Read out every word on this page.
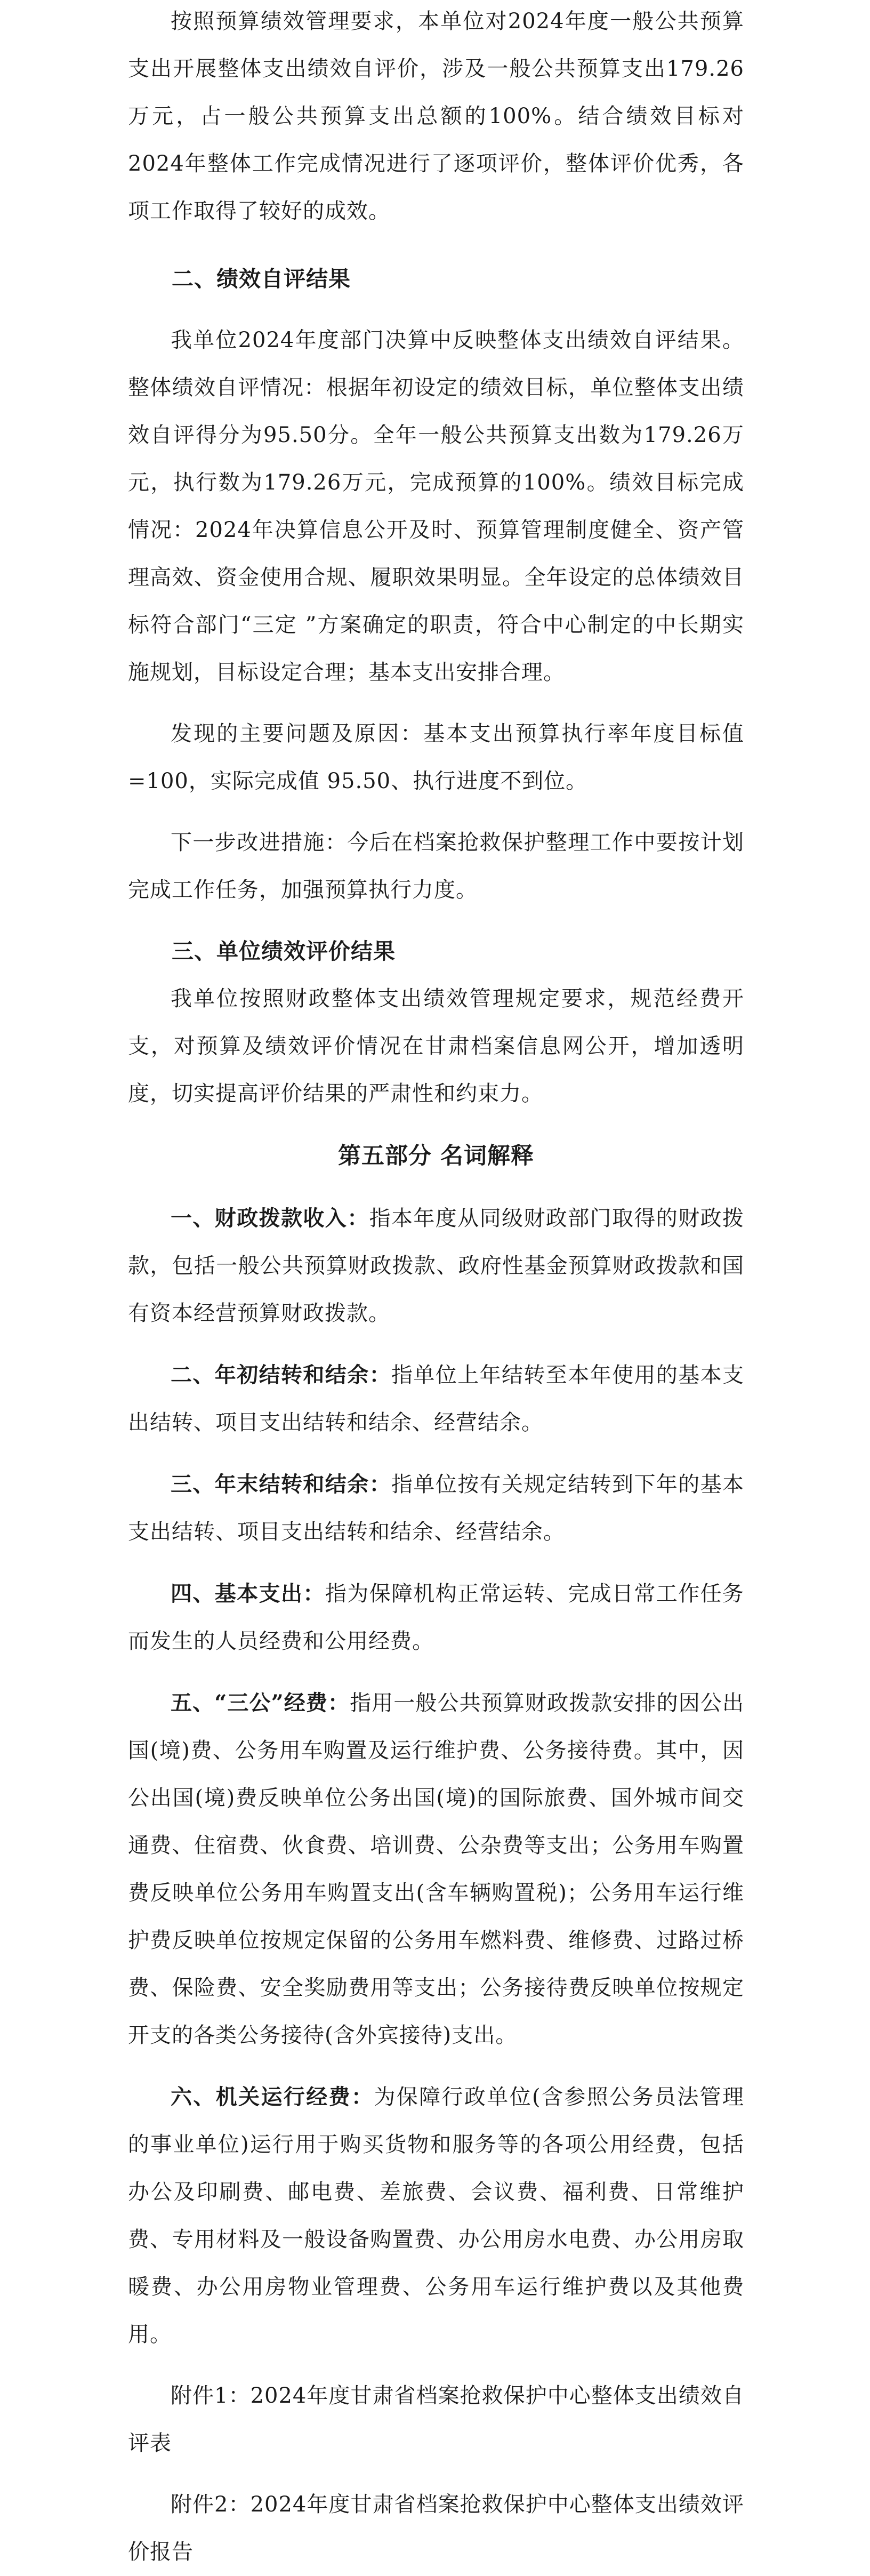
按照预算绩效管理要求，本单位对2024年度一般公共预算支出开展整体支出绩效自评价，涉及一般公共预算支出179.26万元，占一般公共预算支出总额的100%。结合绩效目标对2024年整体工作完成情况进行了逐项评价，整体评价优秀，各项工作取得了较好的成效。

二、绩效自评结果

我单位2024年度部门决算中反映整体支出绩效自评结果。整体绩效自评情况：根据年初设定的绩效目标，单位整体支出绩效自评得分为95.50分。全年一般公共预算支出数为179.26万元，执行数为179.26万元，完成预算的100%。绩效目标完成情况：2024年决算信息公开及时、预算管理制度健全、资产管理高效、资金使用合规、履职效果明显。全年设定的总体绩效目标符合部门“三定 ”方案确定的职责，符合中心制定的中长期实施规划，目标设定合理；基本支出安排合理。

发现的主要问题及原因：基本支出预算执行率年度目标值=100，实际完成值 95.50、执行进度不到位。

下一步改进措施：今后在档案抢救保护整理工作中要按计划完成工作任务，加强预算执行力度。

三、单位绩效评价结果

我单位按照财政整体支出绩效管理规定要求，规范经费开支，对预算及绩效评价情况在甘肃档案信息网公开，增加透明度，切实提高评价结果的严肃性和约束力。

第五部分 名词解释

一、财政拨款收入：指本年度从同级财政部门取得的财政拨款，包括一般公共预算财政拨款、政府性基金预算财政拨款和国有资本经营预算财政拨款。

二、年初结转和结余：指单位上年结转至本年使用的基本支出结转、项目支出结转和结余、经营结余。

三、年末结转和结余：指单位按有关规定结转到下年的基本支出结转、项目支出结转和结余、经营结余。

四、基本支出：指为保障机构正常运转、完成日常工作任务而发生的人员经费和公用经费。

五、“三公”经费：指用一般公共预算财政拨款安排的因公出国(境)费、公务用车购置及运行维护费、公务接待费。其中，因公出国(境)费反映单位公务出国(境)的国际旅费、国外城市间交通费、住宿费、伙食费、培训费、公杂费等支出；公务用车购置费反映单位公务用车购置支出(含车辆购置税)；公务用车运行维护费反映单位按规定保留的公务用车燃料费、维修费、过路过桥费、保险费、安全奖励费用等支出；公务接待费反映单位按规定开支的各类公务接待(含外宾接待)支出。

六、机关运行经费：为保障行政单位(含参照公务员法管理的事业单位)运行用于购买货物和服务等的各项公用经费，包括办公及印刷费、邮电费、差旅费、会议费、福利费、日常维护费、专用材料及一般设备购置费、办公用房水电费、办公用房取暖费、办公用房物业管理费、公务用车运行维护费以及其他费用。

附件1：2024年度甘肃省档案抢救保护中心整体支出绩效自评表

附件2：2024年度甘肃省档案抢救保护中心整体支出绩效评价报告
